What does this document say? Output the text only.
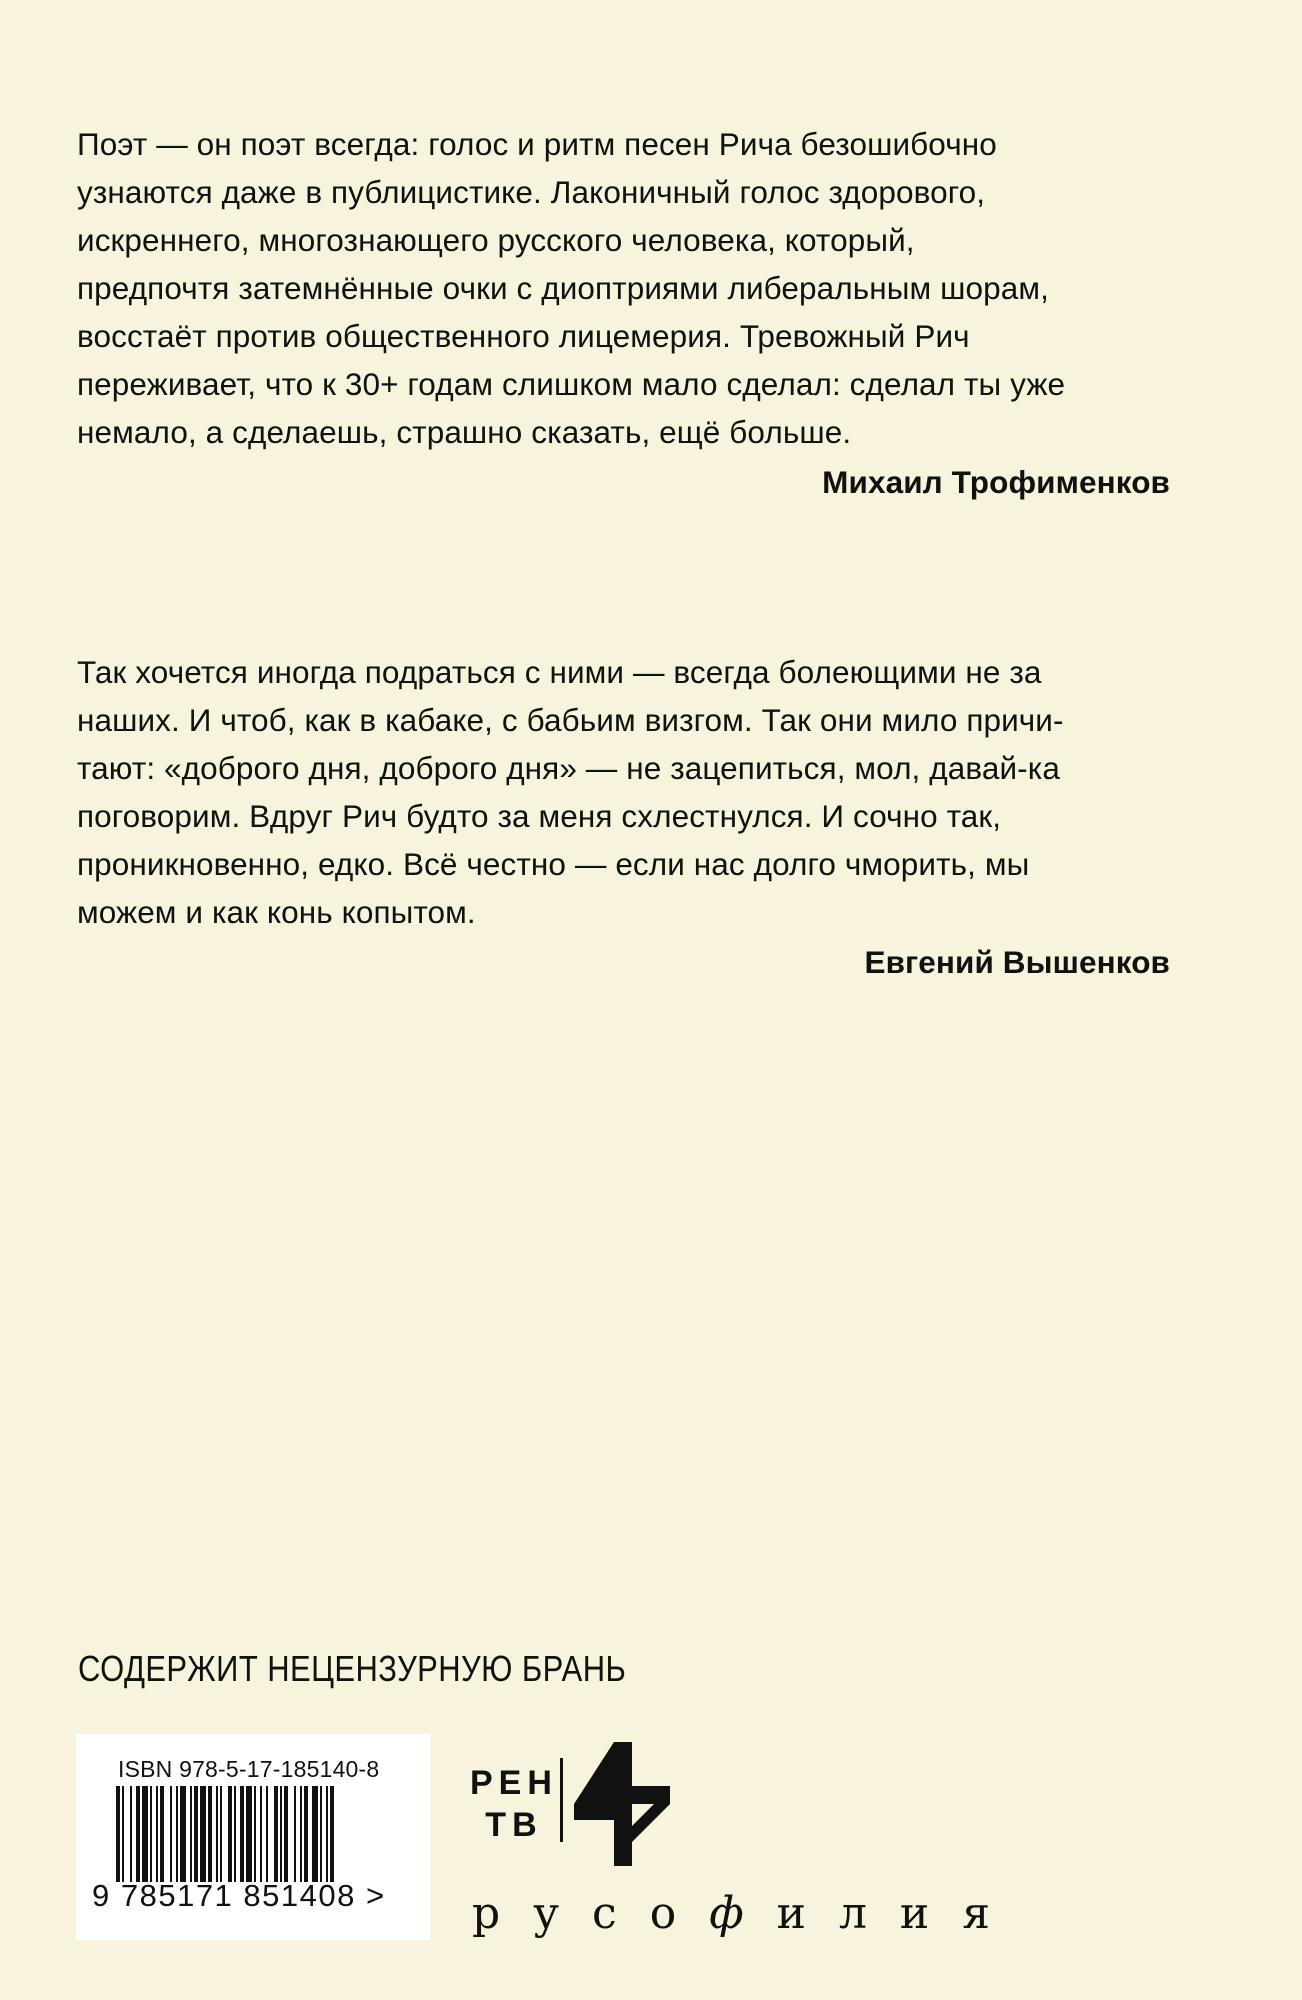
Поэт — он поэт всегда: голос и ритм песен Рича безошибочно

узнаются даже в публицистике. Лаконичный голос здорового,

искреннего, многознающего русского человека, который,

предпочтя затемнённые очки с диоптриями либеральным шорам,

восстаёт против общественного лицемерия. Тревожный Рич

переживает, что к 30+ годам слишком мало сделал: сделал ты уже

немало, а сделаешь, страшно сказать, ещё больше.

Михаил Трофименков

Так хочется иногда подраться с ними — всегда болеющими не за

наших. И чтоб, как в кабаке, с бабьим визгом. Так они мило причи-

тают: «доброго дня, доброго дня» — не зацепиться, мол, давай-ка

поговорим. Вдруг Рич будто за меня схлестнулся. И сочно так,

проникновенно, едко. Всё честно — если нас долго чморить, мы

можем и как конь копытом.

Евгений Вышенков
СОДЕРЖИТ НЕЦЕНЗУРНУЮ БРАНЬ
ISBN 978-5-17-185140-8
9 785171 851408 >
РЕН
ТВ
русофилия
